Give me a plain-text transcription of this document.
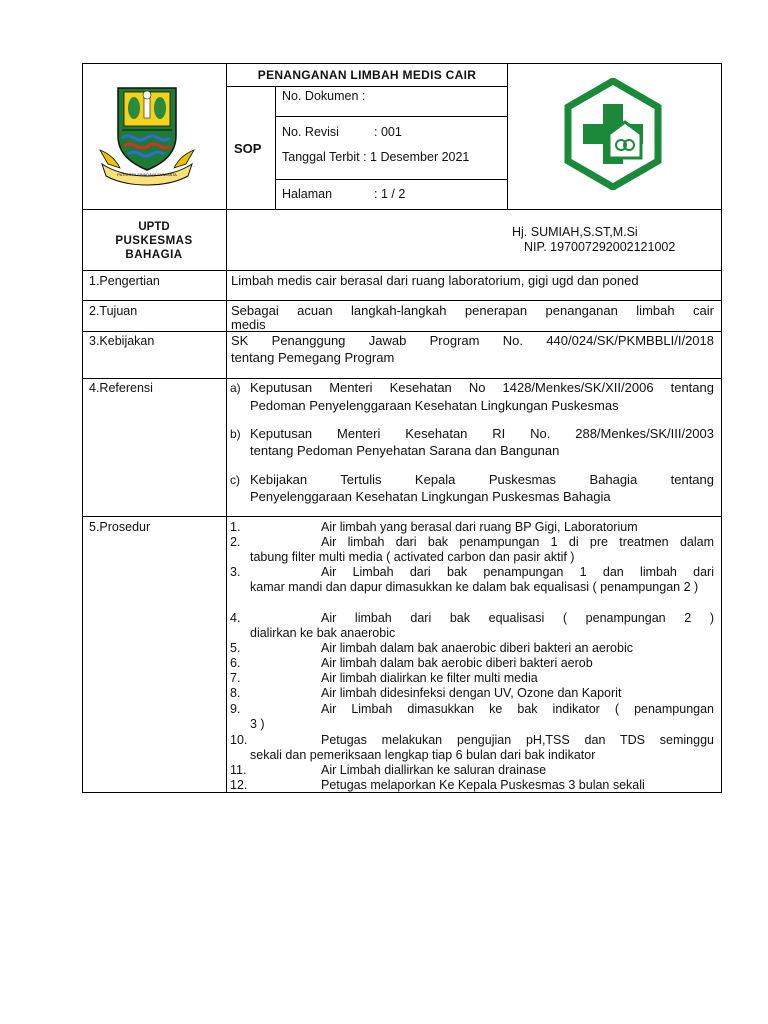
PATRIOTA SWADAYA SUMMATA
PENANGANAN LIMBAH MEDIS CAIR
SOP
No. Dokumen :
No. Revisi	: 001
Tanggal Terbit : 1 Desember 2021
Halaman	: 1 / 2
UPTD
PUSKESMAS
BAHAGIA
Hj. SUMIAH,S.ST,M.Si
NIP. 197007292002121002
1.Pengertian	Limbah medis cair berasal dari ruang laboratorium, gigi ugd dan poned
2.Tujuan	Sebagai acuan langkah-langkah penerapan penanganan limbah cair
medis
3.Kebijakan	SK Penanggung Jawab Program No. 440/024/SK/PKMBBLI/I/2018
tentang Pemegang Program
4.Referensi	a) Keputusan Menteri Kesehatan No 1428/Menkes/SK/XII/2006 tentang
Pedoman Penyelenggaraan Kesehatan Lingkungan Puskesmas
b) Keputusan Menteri Kesehatan RI No. 288/Menkes/SK/III/2003
tentang Pedoman Penyehatan Sarana dan Bangunan
c) Kebijakan Tertulis Kepala Puskesmas Bahagia tentang
Penyelenggaraan Kesehatan Lingkungan Puskesmas Bahagia
5.Prosedur	1.	Air limbah yang berasal dari ruang BP Gigi, Laboratorium
2.	Air limbah dari bak penampungan 1 di pre treatmen dalam
tabung filter multi media ( activated carbon dan pasir aktif )
3.	Air Limbah dari bak penampungan 1 dan limbah dari
kamar mandi dan dapur dimasukkan ke dalam bak equalisasi ( penampungan 2 )
4.	Air limbah dari bak equalisasi ( penampungan 2 )
dialirkan ke bak anaerobic
5.	Air limbah dalam bak anaerobic diberi bakteri an aerobic
6.	Air limbah dalam bak aerobic diberi bakteri aerob
7.	Air limbah dialirkan ke filter multi media
8.	Air limbah didesinfeksi dengan UV, Ozone dan Kaporit
9.	Air Limbah dimasukkan ke bak indikator ( penampungan
3 )
10.	Petugas melakukan pengujian pH,TSS dan TDS seminggu
sekali dan pemeriksaan lengkap tiap 6 bulan dari bak indikator
11.	Air Limbah diallirkan ke saluran drainase
12.	Petugas melaporkan Ke Kepala Puskesmas 3 bulan sekali
